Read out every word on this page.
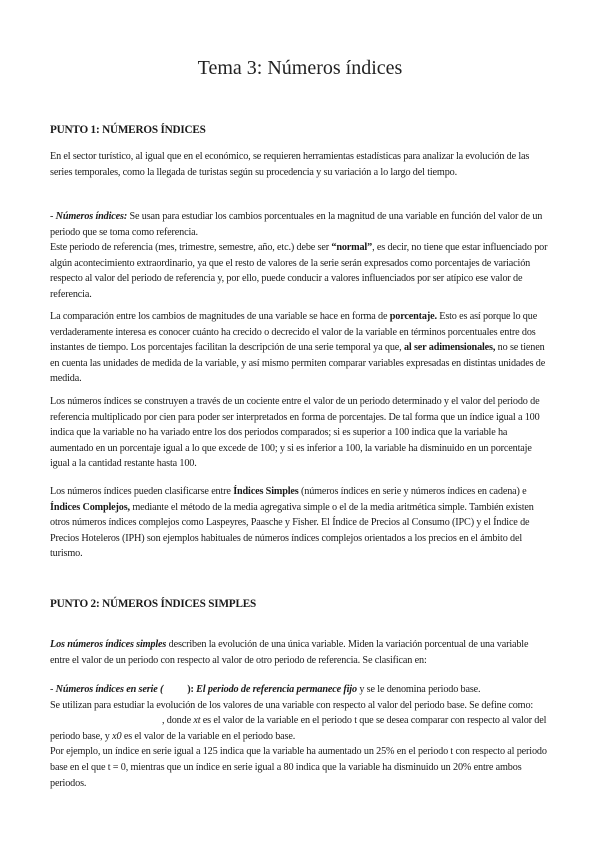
Tema 3: Números índices
PUNTO 1: NÚMEROS ÍNDICES
En el sector turístico, al igual que en el económico, se requieren herramientas estadísticas para analizar la evolución de las series temporales, como la llegada de turistas según su procedencia y su variación a lo largo del tiempo.
- Números índices: Se usan para estudiar los cambios porcentuales en la magnitud de una variable en función del valor de un periodo que se toma como referencia.
Este periodo de referencia (mes, trimestre, semestre, año, etc.) debe ser “normal”, es decir, no tiene que estar influenciado por algún acontecimiento extraordinario, ya que el resto de valores de la serie serán expresados como porcentajes de variación respecto al valor del periodo de referencia y, por ello, puede conducir a valores influenciados por ser atípico ese valor de referencia.
La comparación entre los cambios de magnitudes de una variable se hace en forma de porcentaje. Esto es así porque lo que verdaderamente interesa es conocer cuánto ha crecido o decrecido el valor de la variable en términos porcentuales entre dos instantes de tiempo. Los porcentajes facilitan la descripción de una serie temporal ya que, al ser adimensionales, no se tienen en cuenta las unidades de medida de la variable, y así mismo permiten comparar variables expresadas en distintas unidades de medida.
Los números índices se construyen a través de un cociente entre el valor de un periodo determinado y el valor del periodo de referencia multiplicado por cien para poder ser interpretados en forma de porcentajes. De tal forma que un índice igual a 100 indica que la variable no ha variado entre los dos periodos comparados; si es superior a 100 indica que la variable ha aumentado en un porcentaje igual a lo que excede de 100; y si es inferior a 100, la variable ha disminuido en un porcentaje igual a la cantidad restante hasta 100.
Los números índices pueden clasificarse entre Índices Simples (números índices en serie y números índices en cadena) e Índices Complejos, mediante el método de la media agregativa simple o el de la media aritmética simple. También existen otros números índices complejos como Laspeyres, Paasche y Fisher. El Índice de Precios al Consumo (IPC) y el Índice de Precios Hoteleros (IPH) son ejemplos habituales de números índices complejos orientados a los precios en el ámbito del turismo.
PUNTO 2: NÚMEROS ÍNDICES SIMPLES
Los números índices simples describen la evolución de una única variable. Miden la variación porcentual de una variable entre el valor de un periodo con respecto al valor de otro periodo de referencia. Se clasifican en:
- Números índices en serie ( ): El periodo de referencia permanece fijo y se le denomina periodo base.
Se utilizan para estudiar la evolución de los valores de una variable con respecto al valor del periodo base. Se define como:, donde xt es el valor de la variable en el periodo t que se desea comparar con respecto al valor del periodo base, y x0 es el valor de la variable en el periodo base.
Por ejemplo, un índice en serie igual a 125 indica que la variable ha aumentado un 25% en el periodo t con respecto al periodo base en el que t = 0, mientras que un índice en serie igual a 80 indica que la variable ha disminuido un 20% entre ambos periodos.
